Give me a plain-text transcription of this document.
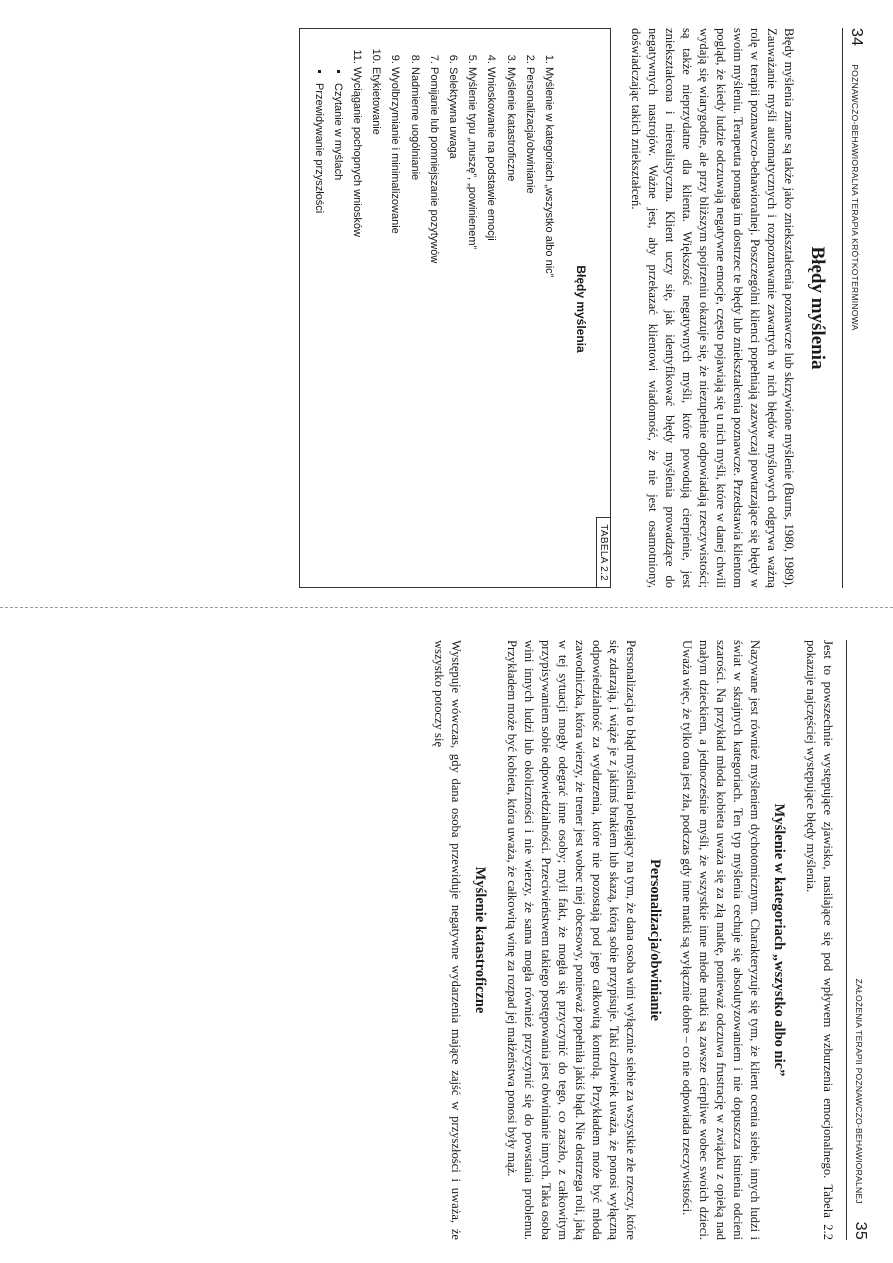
34
POZNAWCZO-BEHAWIORALNA TERAPIA KRÓTKOTERMINOWA
Błędy myślenia

Błędy myślenia znane są także jako zniekształcenia poznawcze lub skrzywione myślenie (Burns, 1980, 1989). Zauważanie myśli automatycznych i rozpoznawanie zawartych w nich błędów myślowych odgrywa ważną rolę w terapii poznawczo-behawioralnej. Poszczególni klienci popełniają zazwyczaj powtarzające się błędy w swoim myśleniu. Terapeuta pomaga im dostrzec te błędy lub zniekształcenia poznawcze. Przedstawia klientom pogląd, że kiedy ludzie odczuwają negatywne emocje, często pojawiają się u nich myśli, które w danej chwili wydają się wiarygodne, ale przy bliższym spojrzeniu okazuje się, że niezupełnie odpowiadają rzeczywistości; są także nieprzydatne dla klienta. Większość negatywnych myśli, które powodują cierpienie, jest zniekształcona i nierealistyczna. Klient uczy się, jak identyfikować błędy myślenia prowadzące do negatywnych nastrojów. Ważne jest, aby przekazać klientowi wiadomość, że nie jest osamotniony, doświadczając takich zniekształceń.

TABELA 2.2
Błędy myślenia
1. Myślenie w kategoriach „wszystko albo nic”
2. Personalizacja/obwinianie
3. Myślenie katastroficzne
4. Wnioskowanie na podstawie emocji
5. Myślenie typu „muszę”, „powinienem”
6. Selektywna uwaga
7. Pomijanie lub pomniejszanie pozytywów
8. Nadmierne uogólnianie
9. Wyolbrzymianie i minimalizowanie
10. Etykietowanie
11. Wyciąganie pochopnych wniosków
▪ Czytanie w myślach
▪ Przewidywanie przyszłości
ZAŁOŻENIA TERAPII POZNAWCZO-BEHAWIORALNEJ
35

Jest to powszechnie występujące zjawisko, nasilające się pod wpływem wzburzenia emocjonalnego. Tabela 2.2 pokazuje najczęściej występujące błędy myślenia.

Myślenie w kategoriach „wszystko albo nic”

Nazywane jest również myśleniem dychotomicznym. Charakteryzuje się tym, że klient ocenia siebie, innych ludzi i świat w skrajnych kategoriach. Ten typ myślenia cechuje się absolutyzowaniem i nie dopuszcza istnienia odcieni szarości. Na przykład młoda kobieta uważa się za złą matkę, ponieważ odczuwa frustrację w związku z opieką nad małym dzieckiem, a jednocześnie myśli, że wszystkie inne młode matki są zawsze cierpliwe wobec swoich dzieci. Uważa więc, że tylko ona jest zła, podczas gdy inne matki są wyłącznie dobre – co nie odpowiada rzeczywistości.

Personalizacja/obwinianie

Personalizacja to błąd myślenia polegający na tym, że dana osoba wini wyłącznie siebie za wszystkie złe rzeczy, które się zdarzają, i wiąże je z jakimś brakiem lub skazą, którą sobie przypisuje. Taki człowiek uważa, że ponosi wyłączną odpowiedzialność za wydarzenia, które nie pozostają pod jego całkowitą kontrolą. Przykładem może być młoda zawodniczka, która wierzy, że trener jest wobec niej obcesowy, ponieważ popełniła jakiś błąd. Nie dostrzega roli, jaką w tej sytuacji mogły odegrać inne osoby; myli fakt, że mogła się przyczynić do tego, co zaszło, z całkowitym przypisywaniem sobie odpowiedzialności. Przeciwieństwem takiego postępowania jest obwinianie innych. Taka osoba wini innych ludzi lub okoliczności i nie wierzy, że sama mogła również przyczynić się do powstania problemu. Przykładem może być kobieta, która uważa, że całkowitą winę za rozpad jej małżeństwa ponosi były mąż.

Myślenie katastroficzne

Występuje wówczas, gdy dana osoba przewiduje negatywne wydarzenia mające zajść w przyszłości i uważa, że wszystko potoczy się
